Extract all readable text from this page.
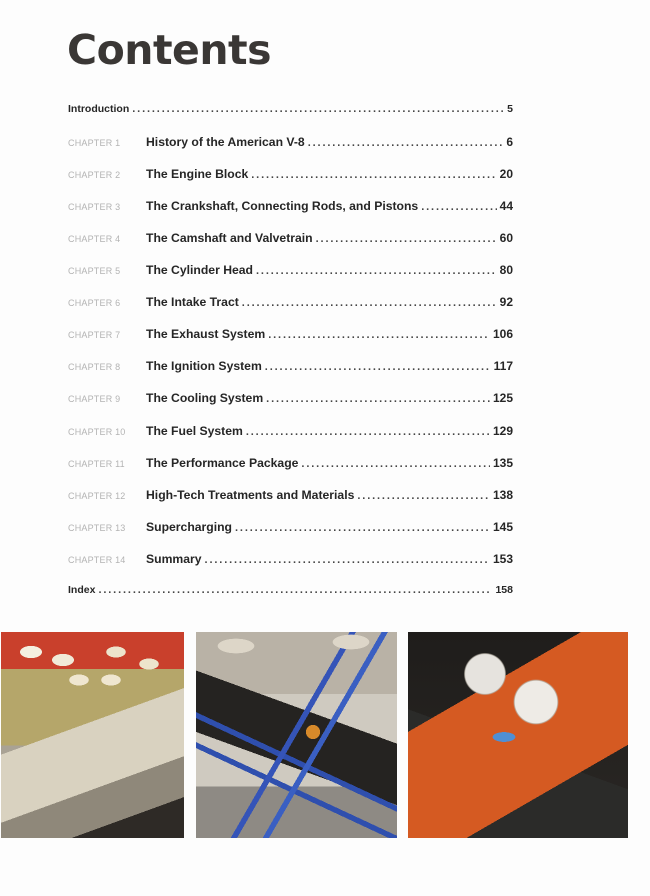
Contents
Introduction . . .	5
CHAPTER 1	History of the American V-8 . . .	6
CHAPTER 2	The Engine Block . . .	20
CHAPTER 3	The Crankshaft, Connecting Rods, and Pistons . . .	44
CHAPTER 4	The Camshaft and Valvetrain . . .	60
CHAPTER 5	The Cylinder Head . . .	80
CHAPTER 6	The Intake Tract . . .	92
CHAPTER 7	The Exhaust System . . .	106
CHAPTER 8	The Ignition System . . .	117
CHAPTER 9	The Cooling System . . .	125
CHAPTER 10	The Fuel System . . .	129
CHAPTER 11	The Performance Package . . .	135
CHAPTER 12	High-Tech Treatments and Materials . . .	138
CHAPTER 13	Supercharging . . .	145
CHAPTER 14	Summary . . .	153
Index . . .	158
